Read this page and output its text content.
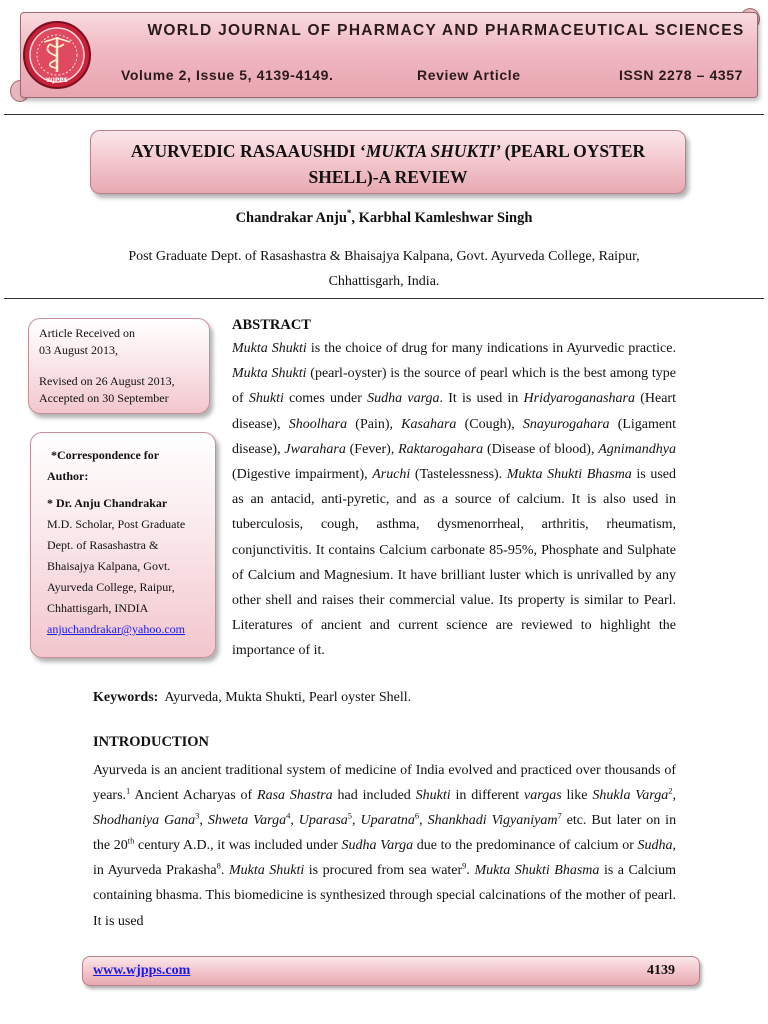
WORLD JOURNAL OF PHARMACY AND PHARMACEUTICAL SCIENCES
Volume 2, Issue 5, 4139-4149.	Review Article	ISSN 2278 – 4357
WJPPS
AYURVEDIC RASAAUSHDI ‘MUKTA SHUKTI’ (PEARL OYSTER
SHELL)-A REVIEW
Chandrakar Anju*, Karbhal Kamleshwar Singh
Post Graduate Dept. of Rasashastra & Bhaisajya Kalpana, Govt. Ayurveda College, Raipur,
Chhattisgarh, India.

Article Received on

03 August 2013,

Revised on 26 August 2013,

Accepted on 30 September

*Correspondence for
Author:
* Dr. Anju Chandrakar
M.D. Scholar, Post Graduate
Dept. of Rasashastra &
Bhaisajya Kalpana, Govt.
Ayurveda College, Raipur,
Chhattisgarh, INDIA
anjuchandrakar@yahoo.com
ABSTRACT
Mukta Shukti is the choice of drug for many indications in Ayurvedic practice. Mukta Shukti (pearl-oyster) is the source of pearl which is the best among type of Shukti comes under Sudha varga. It is used in Hridyaroganashara (Heart disease), Shoolhara (Pain), Kasahara (Cough), Snayurogahara (Ligament disease), Jwarahara (Fever), Raktarogahara (Disease of blood), Agnimandhya (Digestive impairment), Aruchi (Tastelessness). Mukta Shukti Bhasma is used as an antacid, anti-pyretic, and as a source of calcium. It is also used in tuberculosis, cough, asthma, dysmenorrheal, arthritis, rheumatism, conjunctivitis. It contains Calcium carbonate 85-95%, Phosphate and Sulphate of Calcium and Magnesium. It have brilliant luster which is unrivalled by any other shell and raises their commercial value. Its property is similar to Pearl. Literatures of ancient and current science are reviewed to highlight the importance of it.
Keywords: Ayurveda, Mukta Shukti, Pearl oyster Shell.
INTRODUCTION
Ayurveda is an ancient traditional system of medicine of India evolved and practiced over thousands of years.$^1$ Ancient Acharyas of Rasa Shastra had included Shukti in different vargas like Shukla Varga$^2$, Shodhaniya Gana$^3$, Shweta Varga$^4$, Uparasa$^5$, Uparatna$^6$, Shankhadi Vigyaniyam$^7$ etc. But later on in the 20th century A.D., it was included under Sudha Varga due to the predominance of calcium or Sudha, in Ayurveda Prakasha$^8$. Mukta Shukti is procured from sea water$^9$. Mukta Shukti Bhasma is a Calcium containing bhasma. This biomedicine is synthesized through special calcinations of the mother of pearl. It is used
www.wjpps.com	4139
